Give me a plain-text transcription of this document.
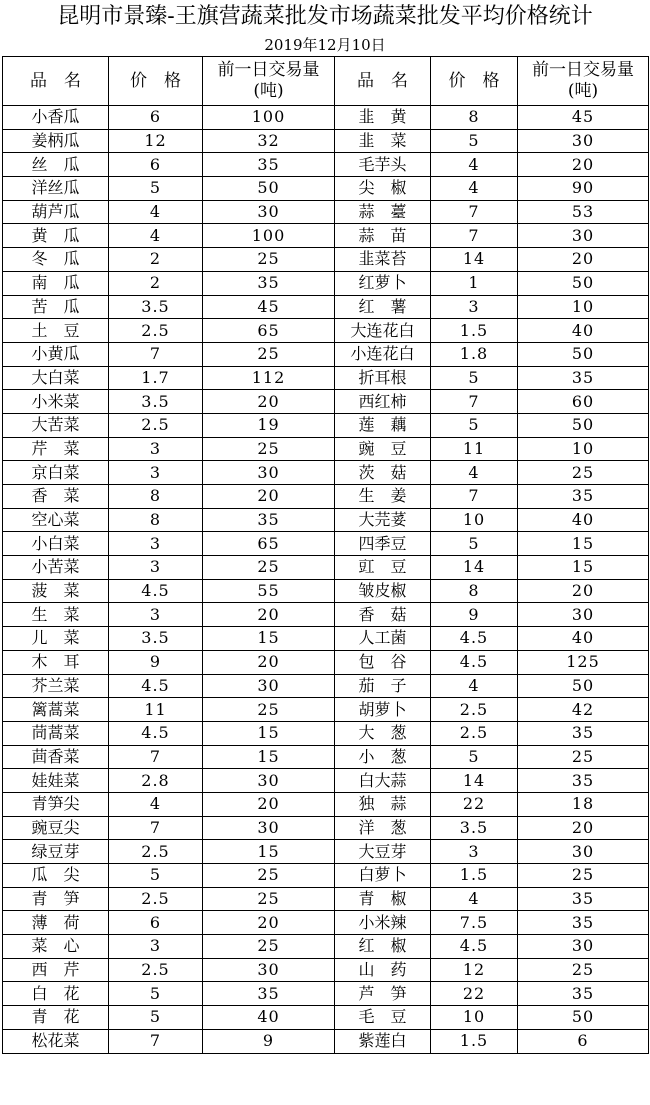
昆明市景臻-王旗营蔬菜批发市场蔬菜批发平均价格统计
2019年12月10日
品　名	价　格	前一日交易量(吨)	品　名	价　格	前一日交易量(吨)
小香瓜	6	100	韭　黄	8	45
姜柄瓜	12	32	韭　菜	5	30
丝　瓜	6	35	毛芋头	4	20
洋丝瓜	5	50	尖　椒	4	90
葫芦瓜	4	30	蒜　薹	7	53
黄　瓜	4	100	蒜　苗	7	30
冬　瓜	2	25	韭菜苔	14	20
南　瓜	2	35	红萝卜	1	50
苦　瓜	3.5	45	红　薯	3	10
土　豆	2.5	65	大连花白	1.5	40
小黄瓜	7	25	小连花白	1.8	50
大白菜	1.7	112	折耳根	5	35
小米菜	3.5	20	西红柿	7	60
大苦菜	2.5	19	莲　藕	5	50
芹　菜	3	25	豌　豆	11	10
京白菜	3	30	茨　菇	4	25
香　菜	8	20	生　姜	7	35
空心菜	8	35	大芫荽	10	40
小白菜	3	65	四季豆	5	15
小苦菜	3	25	豇　豆	14	15
菠　菜	4.5	55	皱皮椒	8	20
生　菜	3	20	香　菇	9	30
儿　菜	3.5	15	人工菌	4.5	40
木　耳	9	20	包　谷	4.5	125
芥兰菜	4.5	30	茄　子	4	50
篱蒿菜	11	25	胡萝卜	2.5	42
茼蒿菜	4.5	15	大　葱	2.5	35
茴香菜	7	15	小　葱	5	25
娃娃菜	2.8	30	白大蒜	14	35
青笋尖	4	20	独　蒜	22	18
豌豆尖	7	30	洋　葱	3.5	20
绿豆芽	2.5	15	大豆芽	3	30
瓜　尖	5	25	白萝卜	1.5	25
青　笋	2.5	25	青　椒	4	35
薄　荷	6	20	小米辣	7.5	35
菜　心	3	25	红　椒	4.5	30
西　芹	2.5	30	山　药	12	25
白　花	5	35	芦　笋	22	35
青　花	5	40	毛　豆	10	50
松花菜	7	9	紫莲白	1.5	6
